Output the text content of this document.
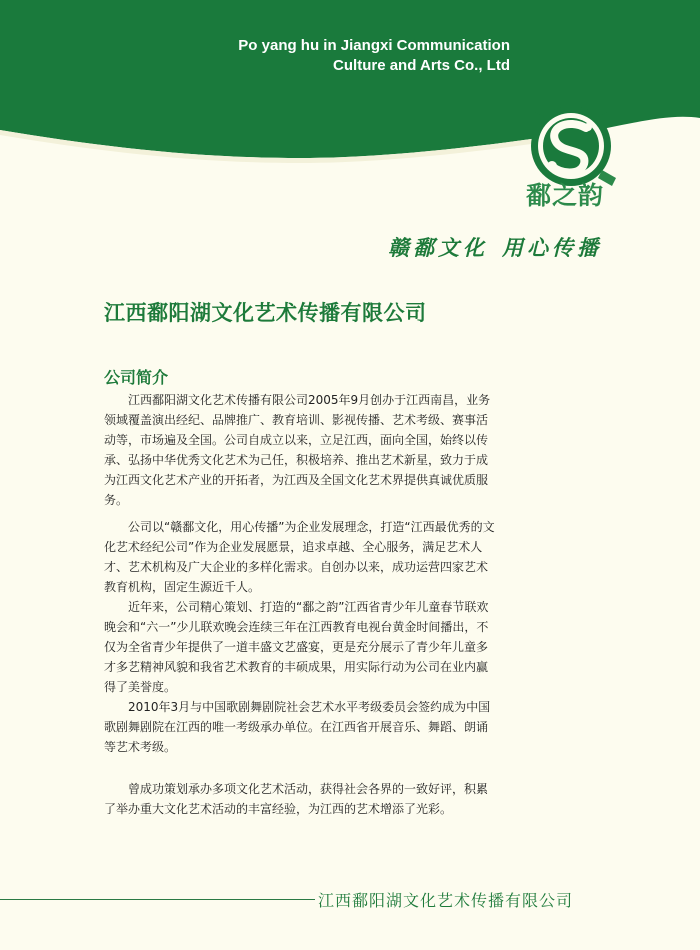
Po yang hu in Jiangxi Communication
Culture and Arts Co., Ltd
鄱之韵
赣鄱文化 用心传播
江西鄱阳湖文化艺术传播有限公司
公司简介

江西鄱阳湖文化艺术传播有限公司2005年9月创办于江西南昌，业务领域覆盖演出经纪、品牌推广、教育培训、影视传播、艺术考级、赛事活动等，市场遍及全国。公司自成立以来，立足江西，面向全国，始终以传承、弘扬中华优秀文化艺术为己任，积极培养、推出艺术新星，致力于成为江西文化艺术产业的开拓者，为江西及全国文化艺术界提供真诚优质服务。

公司以“赣鄱文化，用心传播”为企业发展理念，打造“江西最优秀的文化艺术经纪公司”作为企业发展愿景，追求卓越、全心服务，满足艺术人才、艺术机构及广大企业的多样化需求。自创办以来，成功运营四家艺术教育机构，固定生源近千人。

近年来，公司精心策划、打造的“鄱之韵”江西省青少年儿童春节联欢晚会和“六一”少儿联欢晚会连续三年在江西教育电视台黄金时间播出，不仅为全省青少年提供了一道丰盛文艺盛宴，更是充分展示了青少年儿童多才多艺精神风貌和我省艺术教育的丰硕成果，用实际行动为公司在业内赢得了美誉度。

2010年3月与中国歌剧舞剧院社会艺术水平考级委员会签约成为中国歌剧舞剧院在江西的唯一考级承办单位。在江西省开展音乐、舞蹈、朗诵等艺术考级。

曾成功策划承办多项文化艺术活动，获得社会各界的一致好评，积累了举办重大文化艺术活动的丰富经验，为江西的艺术增添了光彩。

江西鄱阳湖文化艺术传播有限公司
